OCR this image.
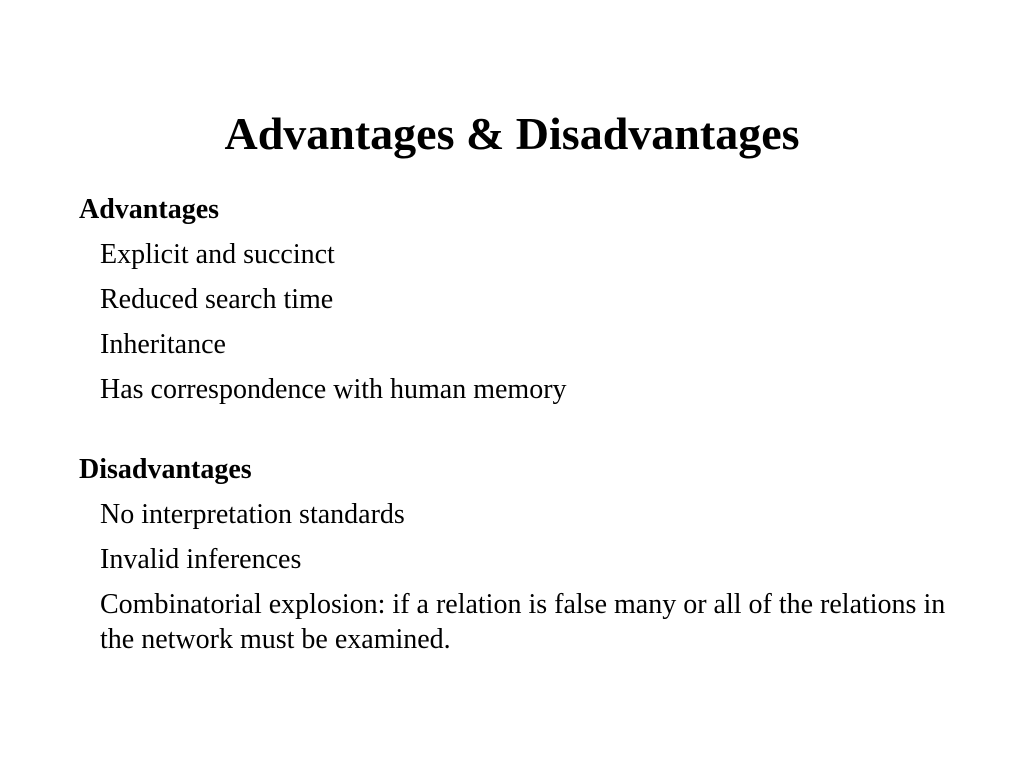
Advantages & Disadvantages
Advantages
Explicit and succinct
Reduced search time
Inheritance
Has correspondence with human memory
Disadvantages
No interpretation standards
Invalid inferences
Combinatorial explosion: if a relation is false many or all of the relations in the network must be examined.
